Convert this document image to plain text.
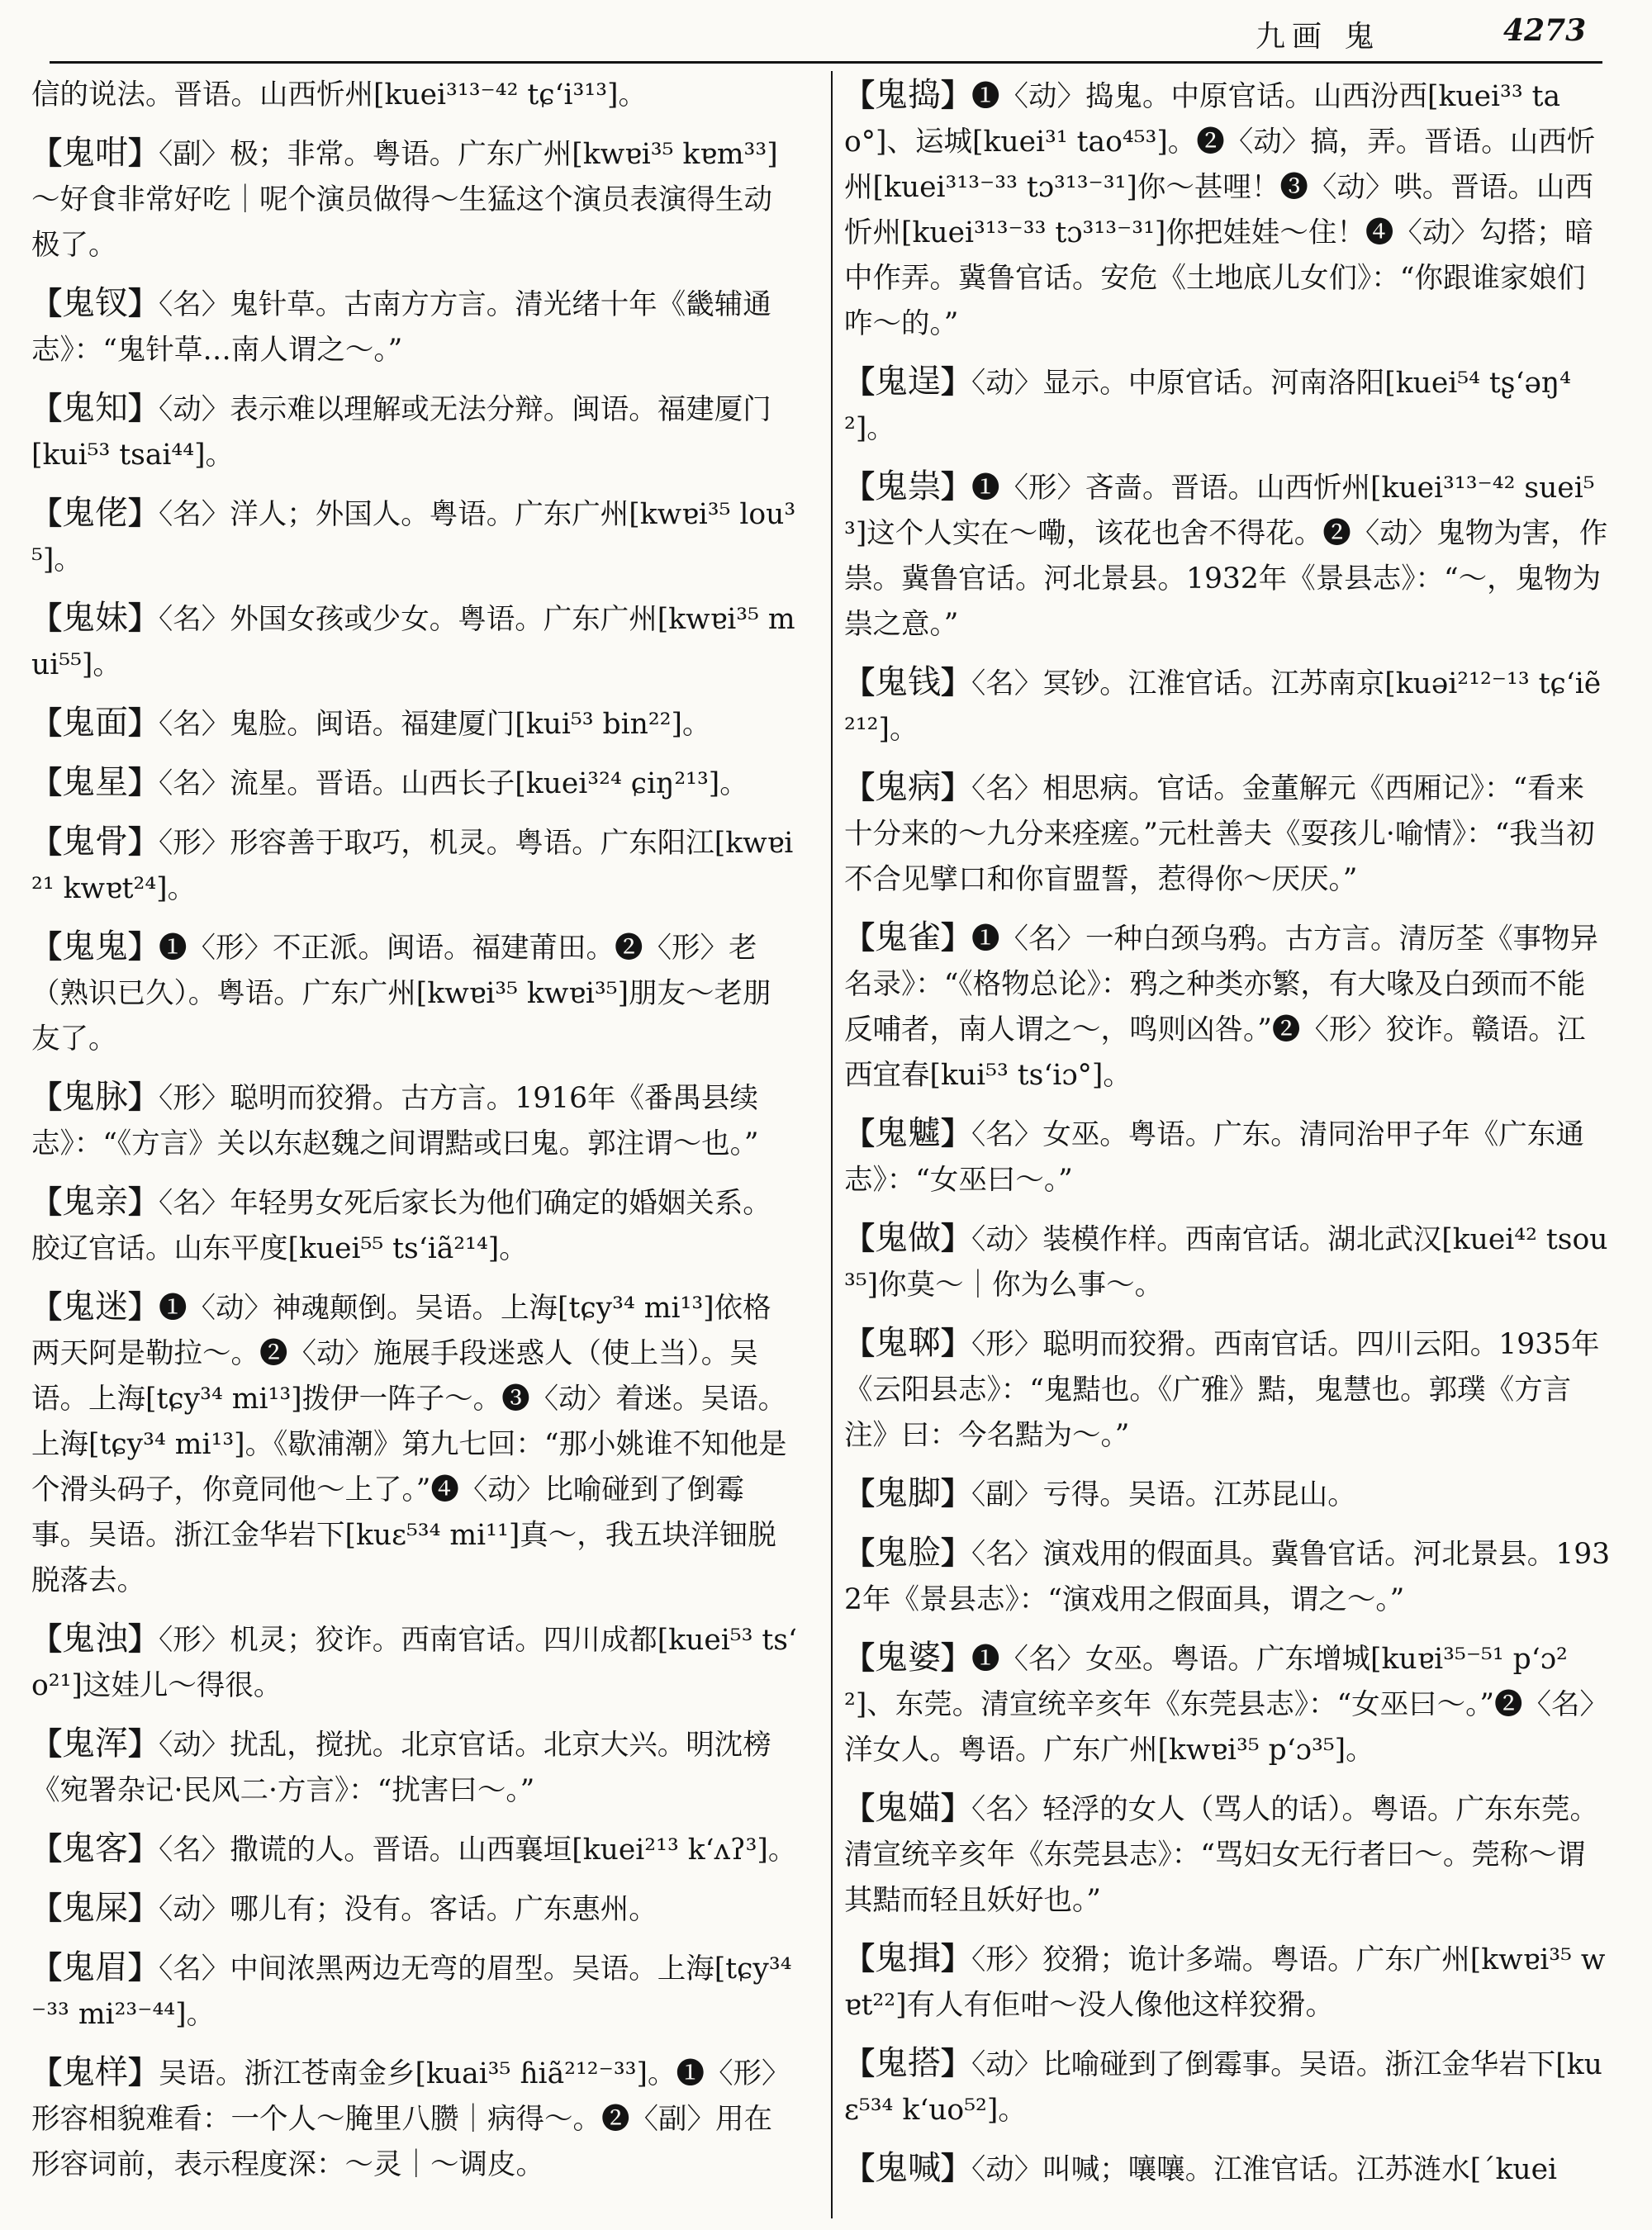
九画 鬼	4273
信的说法。晋语。山西忻州[kuei³¹³⁻⁴² tɕʻi³¹³]。
【鬼咁】〈副〉极；非常。粤语。广东广州[kwɐi³⁵ kɐm³³]～好食非常好吃｜呢个演员做得～生猛这个演员表演得生动极了。
【鬼钗】〈名〉鬼针草。古南方方言。清光绪十年《畿辅通志》：“鬼针草…南人谓之～。”
【鬼知】〈动〉表示难以理解或无法分辩。闽语。福建厦门[kui⁵³ tsai⁴⁴]。
【鬼佬】〈名〉洋人；外国人。粤语。广东广州[kwɐi³⁵ lou³⁵]。
【鬼妹】〈名〉外国女孩或少女。粤语。广东广州[kwɐi³⁵ mui⁵⁵]。
【鬼面】〈名〉鬼脸。闽语。福建厦门[kui⁵³ bin²²]。
【鬼星】〈名〉流星。晋语。山西长子[kuei³²⁴ ɕiŋ²¹³]。
【鬼骨】〈形〉形容善于取巧，机灵。粤语。广东阳江[kwɐi²¹ kwɐt²⁴]。
【鬼鬼】❶〈形〉不正派。闽语。福建莆田。❷〈形〉老（熟识已久）。粤语。广东广州[kwɐi³⁵ kwɐi³⁵]朋友～老朋友了。
【鬼脉】〈形〉聪明而狡猾。古方言。1916年《番禺县续志》：“《方言》关以东赵魏之间谓黠或曰鬼。郭注谓～也。”
【鬼亲】〈名〉年轻男女死后家长为他们确定的婚姻关系。胶辽官话。山东平度[kuei⁵⁵ tsʻiã²¹⁴]。
【鬼迷】❶〈动〉神魂颠倒。吴语。上海[tɕy³⁴ mi¹³]依格两天阿是勒拉～。❷〈动〉施展手段迷惑人（使上当）。吴语。上海[tɕy³⁴ mi¹³]拨伊一阵子～。❸〈动〉着迷。吴语。上海[tɕy³⁴ mi¹³]。《歇浦潮》第九七回：“那小姚谁不知他是个滑头码子，你竟同他～上了。”❹〈动〉比喻碰到了倒霉事。吴语。浙江金华岩下[kuɛ⁵³⁴ mi¹¹]真～，我五块洋钿脱脱落去。
【鬼浊】〈形〉机灵；狡诈。西南官话。四川成都[kuei⁵³ tsʻo²¹]这娃儿～得很。
【鬼浑】〈动〉扰乱，搅扰。北京官话。北京大兴。明沈榜《宛署杂记·民风二·方言》：“扰害曰～。”
【鬼客】〈名〉撒谎的人。晋语。山西襄垣[kuei²¹³ kʻʌʔ³]。
【鬼屎】〈动〉哪儿有；没有。客话。广东惠州。
【鬼眉】〈名〉中间浓黑两边无弯的眉型。吴语。上海[tɕy³⁴⁻³³ mi²³⁻⁴⁴]。
【鬼样】吴语。浙江苍南金乡[kuai³⁵ ɦiã²¹²⁻³³]。❶〈形〉形容相貌难看：一个人～腌里八臜｜病得～。❷〈副〉用在形容词前，表示程度深：～灵｜～调皮。
【鬼捣】❶〈动〉捣鬼。中原官话。山西汾西[kuei³³ tao°]、运城[kuei³¹ tao⁴⁵³]。❷〈动〉搞，弄。晋语。山西忻州[kuei³¹³⁻³³ tɔ³¹³⁻³¹]你～甚哩！❸〈动〉哄。晋语。山西忻州[kuei³¹³⁻³³ tɔ³¹³⁻³¹]你把娃娃～住！❹〈动〉勾搭；暗中作弄。冀鲁官话。安危《土地底儿女们》：“你跟谁家娘们咋～的。”
【鬼逞】〈动〉显示。中原官话。河南洛阳[kuei⁵⁴ tʂʻəŋ⁴²]。
【鬼祟】❶〈形〉吝啬。晋语。山西忻州[kuei³¹³⁻⁴² suei⁵³]这个人实在～嘞，该花也舍不得花。❷〈动〉鬼物为害，作祟。冀鲁官话。河北景县。1932年《景县志》：“～，鬼物为祟之意。”
【鬼钱】〈名〉冥钞。江淮官话。江苏南京[kuəi²¹²⁻¹³ tɕʻiẽ²¹²]。
【鬼病】〈名〉相思病。官话。金董解元《西厢记》：“看来十分来的～九分来痊瘥。”元杜善夫《耍孩儿·喻情》：“我当初不合见擘口和你盲盟誓，惹得你～厌厌。”
【鬼雀】❶〈名〉一种白颈乌鸦。古方言。清厉荃《事物异名录》：“《格物总论》：鸦之种类亦繁，有大喙及白颈而不能反哺者，南人谓之～，鸣则凶咎。”❷〈形〉狡诈。赣语。江西宜春[kui⁵³ tsʻiɔ°]。
【鬼魖】〈名〉女巫。粤语。广东。清同治甲子年《广东通志》：“女巫曰～。”
【鬼做】〈动〉装模作样。西南官话。湖北武汉[kuei⁴² tsou³⁵]你莫～｜你为么事～。
【鬼郰】〈形〉聪明而狡猾。西南官话。四川云阳。1935年《云阳县志》：“鬼黠也。《广雅》黠，鬼慧也。郭璞《方言注》曰：今名黠为～。”
【鬼脚】〈副〉亏得。吴语。江苏昆山。
【鬼脸】〈名〉演戏用的假面具。冀鲁官话。河北景县。1932年《景县志》：“演戏用之假面具，谓之～。”
【鬼婆】❶〈名〉女巫。粤语。广东增城[kuɐi³⁵⁻⁵¹ pʻɔ²²]、东莞。清宣统辛亥年《东莞县志》：“女巫曰～。”❷〈名〉洋女人。粤语。广东广州[kwɐi³⁵ pʻɔ³⁵]。
【鬼媌】〈名〉轻浮的女人（骂人的话）。粤语。广东东莞。清宣统辛亥年《东莞县志》：“骂妇女无行者曰～。莞称～谓其黠而轻且妖好也。”
【鬼揖】〈形〉狡猾；诡计多端。粤语。广东广州[kwɐi³⁵ wɐt²²]有人有佢咁～没人像他这样狡猾。
【鬼搭】〈动〉比喻碰到了倒霉事。吴语。浙江金华岩下[kuɛ⁵³⁴ kʻuo⁵²]。
【鬼喊】〈动〉叫喊；嚷嚷。江淮官话。江苏涟水[ˊkuei
